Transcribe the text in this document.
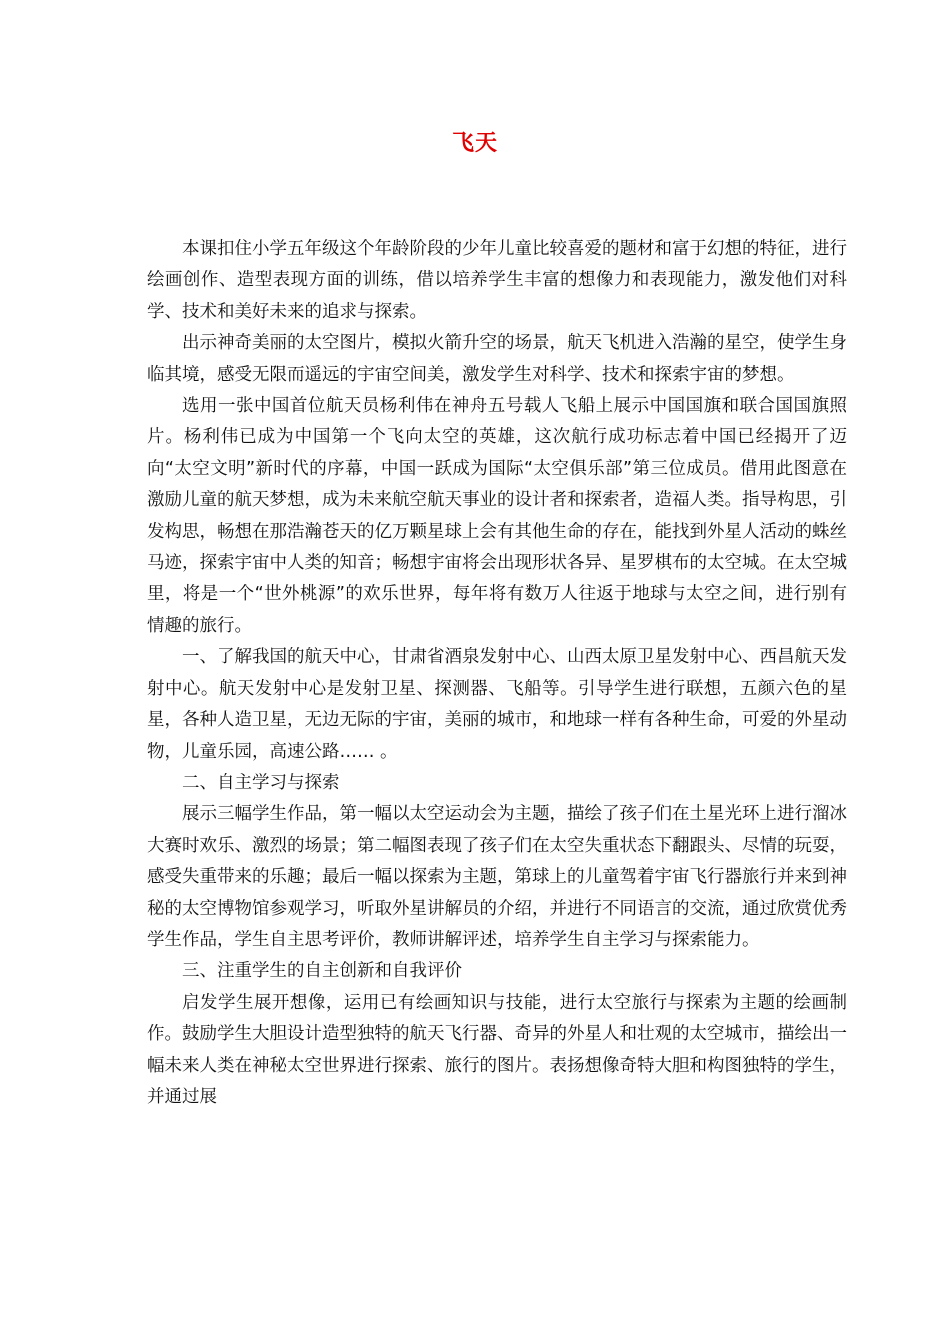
飞天

本课扣住小学五年级这个年龄阶段的少年儿童比较喜爱的题材和富于幻想的特征，进行绘画创作、造型表现方面的训练，借以培养学生丰富的想像力和表现能力，激发他们对科学、技术和美好未来的追求与探索。

出示神奇美丽的太空图片，模拟火箭升空的场景，航天飞机进入浩瀚的星空，使学生身临其境，感受无限而遥远的宇宙空间美，激发学生对科学、技术和探索宇宙的梦想。

选用一张中国首位航天员杨利伟在神舟五号载人飞船上展示中国国旗和联合国国旗照片。杨利伟已成为中国第一个飞向太空的英雄，这次航行成功标志着中国已经揭开了迈向“太空文明”新时代的序幕，中国一跃成为国际“太空俱乐部”第三位成员。借用此图意在激励儿童的航天梦想，成为未来航空航天事业的设计者和探索者，造福人类。指导构思，引发构思，畅想在那浩瀚苍天的亿万颗星球上会有其他生命的存在，能找到外星人活动的蛛丝马迹，探索宇宙中人类的知音；畅想宇宙将会出现形状各异、星罗棋布的太空城。在太空城里，将是一个“世外桃源”的欢乐世界，每年将有数万人往返于地球与太空之间，进行别有情趣的旅行。

一、了解我国的航天中心，甘肃省酒泉发射中心、山西太原卫星发射中心、西昌航天发射中心。航天发射中心是发射卫星、探测器、飞船等。引导学生进行联想，五颜六色的星星，各种人造卫星，无边无际的宇宙，美丽的城市，和地球一样有各种生命，可爱的外星动物，儿童乐园，高速公路…… 。

二、自主学习与探索

展示三幅学生作品，第一幅以太空运动会为主题，描绘了孩子们在土星光环上进行溜冰大赛时欢乐、激烈的场景；第二幅图表现了孩子们在太空失重状态下翻跟头、尽情的玩耍，感受失重带来的乐趣；最后一幅以探索为主题，第球上的儿童驾着宇宙飞行器旅行并来到神秘的太空博物馆参观学习，听取外星讲解员的介绍，并进行不同语言的交流，通过欣赏优秀学生作品，学生自主思考评价，教师讲解评述，培养学生自主学习与探索能力。

三、注重学生的自主创新和自我评价

启发学生展开想像，运用已有绘画知识与技能，进行太空旅行与探索为主题的绘画制作。鼓励学生大胆设计造型独特的航天飞行器、奇异的外星人和壮观的太空城市，描绘出一幅未来人类在神秘太空世界进行探索、旅行的图片。表扬想像奇特大胆和构图独特的学生，并通过展
